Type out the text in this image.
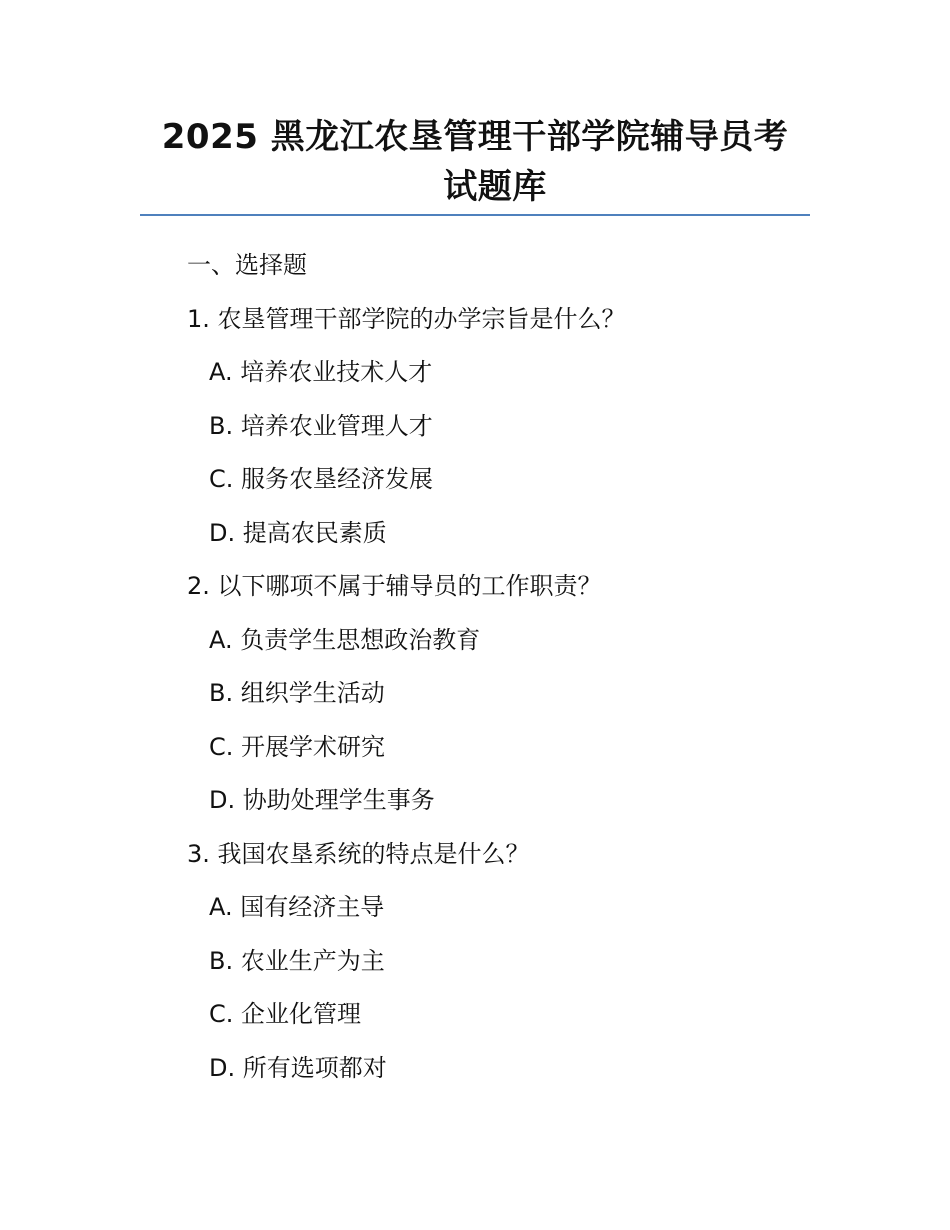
2025 黑龙江农垦管理干部学院辅导员考
试题库
一、选择题
1. 农垦管理干部学院的办学宗旨是什么？
A. 培养农业技术人才
B. 培养农业管理人才
C. 服务农垦经济发展
D. 提高农民素质
2. 以下哪项不属于辅导员的工作职责？
A. 负责学生思想政治教育
B. 组织学生活动
C. 开展学术研究
D. 协助处理学生事务
3. 我国农垦系统的特点是什么？
A. 国有经济主导
B. 农业生产为主
C. 企业化管理
D. 所有选项都对
